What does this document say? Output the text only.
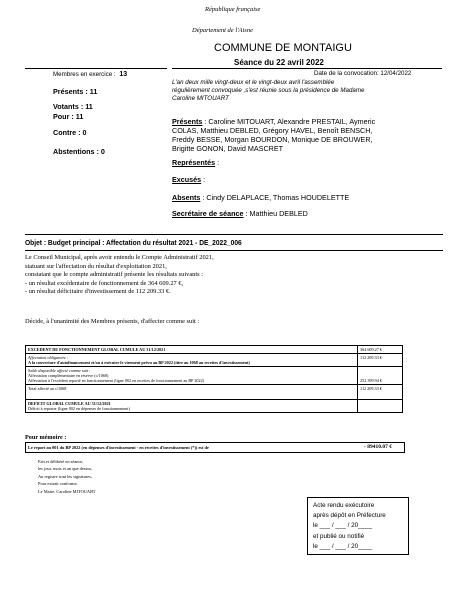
République française
Département de l'Aisne
COMMUNE DE MONTAIGU
Séance du 22 avril 2022
Membres en exercice : 13
Présents : 11
Votants : 11
Pour : 11
Contre : 0
Abstentions : 0
Date de la convocation: 12/04/2022
L'an deux mille vingt-deux et le vingt-deux avril l'assemblée
régulièrement convoquée ,s'est réunie sous la présidence de Madame
Caroline MITOUART
Présents : Caroline MITOUART, Alexandre PRESTAIL, Aymeric
COLAS, Matthieu DEBLED, Grégory HAVEL, Benoît BENSCH,
Freddy BESSE, Morgan BOURDON, Monique DE BROUWER,
Brigitte GONON, David MASCRET
Représentés :
Excusés :
Absents : Cindy DELAPLACE, Thomas HOUDELETTE
Secrétaire de séance : Matthieu DEBLED
Objet : Budget principal : Affectation du résultat 2021 - DE_2022_006
Le Conseil Municipal, après avoir entendu le Compte Administratif 2021,
statuant sur l'affectation du résultat d'exploitation 2021,
constatant que le compte administratif présente les résultats suivants :
- un résultat excédentaire de fonctionnement de 364 609.27 €,
- un résultat déficitaire d'investissement de 112 209.33 €.
Décide, à l'unanimité des Membres présents, d'affecter comme suit :
EXCEDENT DE FONCTIONNEMENT GLOBAL CUMULE AU 31/12/2021	364 609.27 €

Affectation obligatoire :
A la couverture d'autofinancement et/ou à exécuter le virement prévu au BP 2022 (titre au 1068 au recettes d'investissement)	112 209.33 €

Solde disponible affecté comme suit :
Affectation complémentaire en réserve (c/1068)
Affectation à l'excédent reporté en fonctionnement (ligne 002 en recettes de fonctionnement au BP 2022)	252 399.94 €
Total affecté au c/1068	112 209.33 €

DEFICIT GLOBAL CUMULE AU 31/12/2021
Déficit à reporter (ligne 002 en dépenses de fonctionnement)	

Pour mémoire :
Le report au 001 du BP 2022 (en dépenses d'investissement - en recettes d'investissement (*)) est de	- 89410.07 €
Fait et délibéré en séance,
les jour, mois et an que dessus,
Au registre sont les signatures,
Pour extrait conforme,
Le Maire, Caroline MITOUART
Acte rendu exécutoire
après dépôt en Préfecture
le ___ / ___ / 20____
et publié ou notifié
le ___ / ___ / 20____
